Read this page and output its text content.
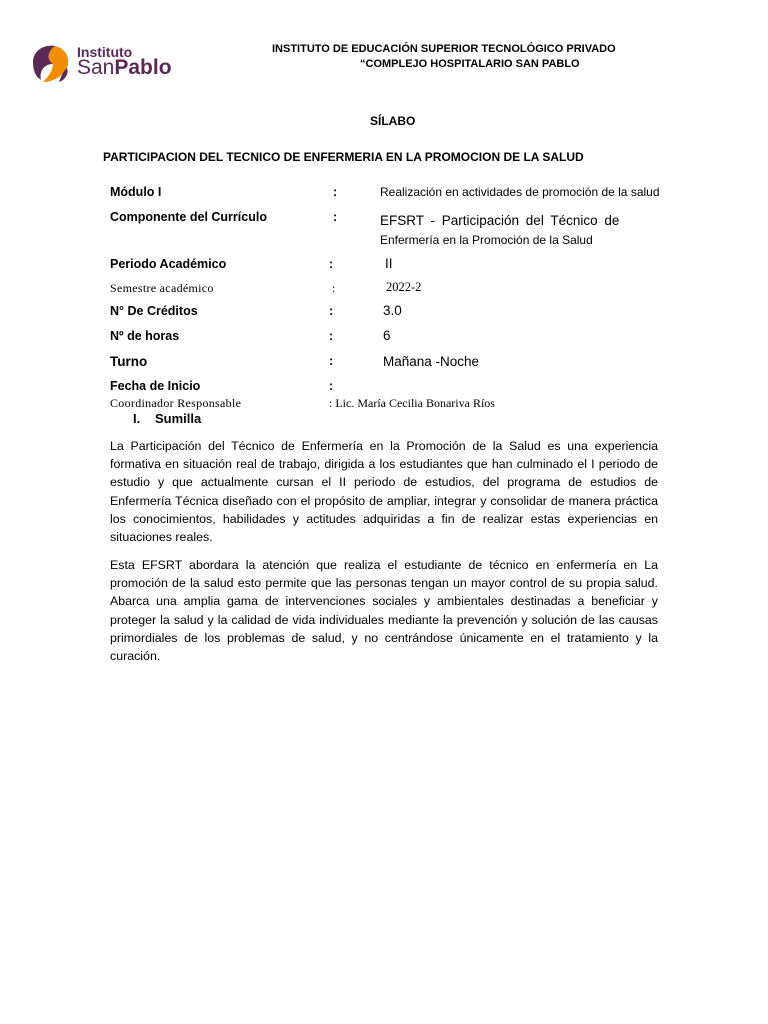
Instituto
SanPablo
INSTITUTO DE EDUCACIÓN SUPERIOR TECNOLÓGICO PRIVADO
“COMPLEJO HOSPITALARIO SAN PABLO
SÍLABO
PARTICIPACION DEL TECNICO DE ENFERMERIA EN LA PROMOCION DE LA SALUD
Módulo I	:	Realización en actividades de promoción de la salud
Componente del Currículo	:	EFSRT - Participación del Técnico de
Enfermería en la Promoción de la Salud
Periodo Académico	:	II
Semestre académico	:	2022-2
N° De Créditos	:	3.0
Nº de horas	:	6
Turno	:	Mañana -Noche
Fecha de Inicio	:
Coordinador Responsable	: Lic. María Cecilia Bonariva Ríos
I. Sumilla

La Participación del Técnico de Enfermería en la Promoción de la Salud es una experiencia formativa en situación real de trabajo, dirigida a los estudiantes que han culminado el I periodo de estudio y que actualmente cursan el II periodo de estudios, del programa de estudios de Enfermería Técnica diseñado con el propósito de ampliar, integrar y consolidar de manera práctica los conocimientos, habilidades y actitudes adquiridas a fin de realizar estas experiencias en situaciones reales.

Esta EFSRT abordara la atención que realiza el estudiante de técnico en enfermería en La promoción de la salud esto permite que las personas tengan un mayor control de su propia salud. Abarca una amplia gama de intervenciones sociales y ambientales destinadas a beneficiar y proteger la salud y la calidad de vida individuales mediante la prevención y solución de las causas primordiales de los problemas de salud, y no centrándose únicamente en el tratamiento y la curación.
